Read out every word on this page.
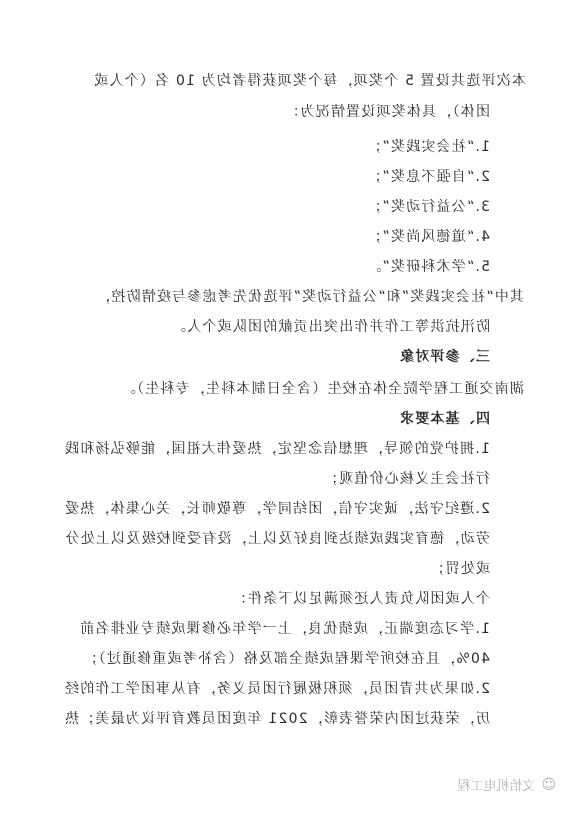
本次评选共设置 5 个奖项，每个奖项获得者均为 10 名（个人或
团体），具体奖项设置情况为：
1.“社会实践奖”；
2.“自强不息奖”；
3.“公益行动奖”；
4.“道德风尚奖”；
5.“学术科研奖”。
其中“社会实践奖”和“公益行动奖”评选优先考虑参与疫情防控，
防汛抗洪等工作并作出突出贡献的团队或个人。
三、参评对象
湖南交通工程学院全体在校生（含全日制本科生，专科生）。
四、基本要求
1.拥护党的领导，理想信念坚定，热爱伟大祖国，能够弘扬和践
行社会主义核心价值观；
2.遵纪守法，诚实守信，团结同学，尊敬师长，关心集体，热爱
劳动，德育实践成绩达到良好及以上，没有受到校级及以上处分
或处罚；
个人或团队负责人还须满足以下条件：
1.学习态度端正，成绩优良，上一学年必修课成绩专业排名前
40%，且在校所学课程成绩全部及格（含补考或重修通过）；
2.如果为共青团员，须积极履行团员义务，有从事团学工作的经
历，荣获过团内荣誉表彰，2021 年度团员教育评议为最美；热
☺
文怡机电工程
